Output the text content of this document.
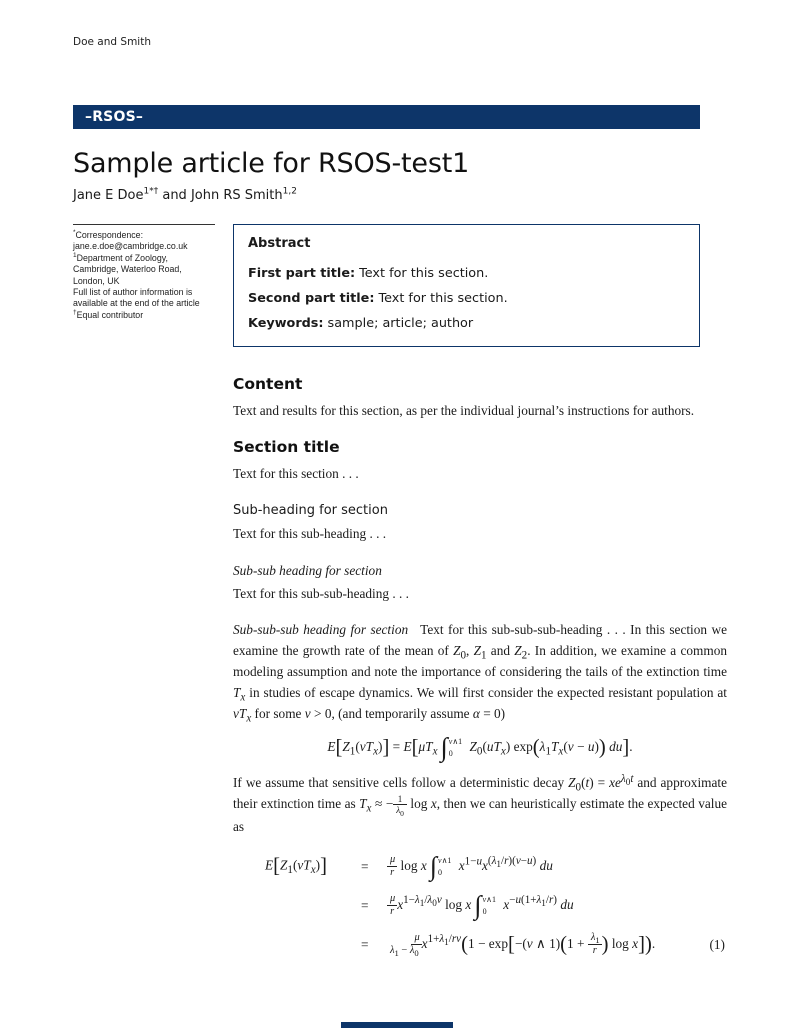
Doe and Smith
–RSOS–
Sample article for RSOS-test1
Jane E Doe$^{1*\dagger}$ and John RS Smith$^{1,2}$
*Correspondence:
jane.e.doe@cambridge.co.uk
$^1$Department of Zoology,
Cambridge, Waterloo Road,
London, UK
Full list of author information is
available at the end of the article
†Equal contributor
Abstract
First part title: Text for this section.
Second part title: Text for this section.
Keywords: sample; article; author
Content

Text and results for this section, as per the individual journal’s instructions for authors.

Section title

Text for this section . . .

Sub-heading for section

Text for this sub-heading . . .

Sub-sub heading for section

Text for this sub-sub-heading . . .

Sub-sub-sub heading for section Text for this sub-sub-sub-heading . . . In this section we examine the growth rate of the mean of $Z_0$, $Z_1$ and $Z_2$. In addition, we examine a common modeling assumption and note the importance of considering the tails of the extinction time $T_x$ in studies of escape dynamics. We will first consider the expected resistant population at $vT_x$ for some v > 0, (and temporarily assume α = 0)

$E[Z_1(vT_x)] = E[\mu T_x$ ∫ v∧1
0	$Z_0(uT_x) \exp(\lambda_1T_x(v - u))$ du].

If we assume that sensitive cells follow a deterministic decay $Z_0(t) = xe^{\lambda_0t}$ and approximate their extinction time as $T_x$ ≈ − $\frac{1}{\lambda_0}$ log x, then we can heuristically estimate the expected value as

$E[Z_1(vT_x)]$	=	$\frac{\mu}{r}$ log x ∫ v∧1
0	$x^{1-u}x^{(\lambda_1/r)(v-u)}$ du
=	$\frac{\mu}{r} x^{1-\lambda_1/\lambda_0v}$ log x ∫ v∧1
0	$x^{-u(1+\lambda_1/r)}$ du
=	$\frac{\mu}{\lambda_1 - \lambda_0} x^{1+\lambda_1/rv}(1 - \exp[-(v$ ∧ $1)(1 + \frac{\lambda_1}{r}$ ) log x]).	(1)
